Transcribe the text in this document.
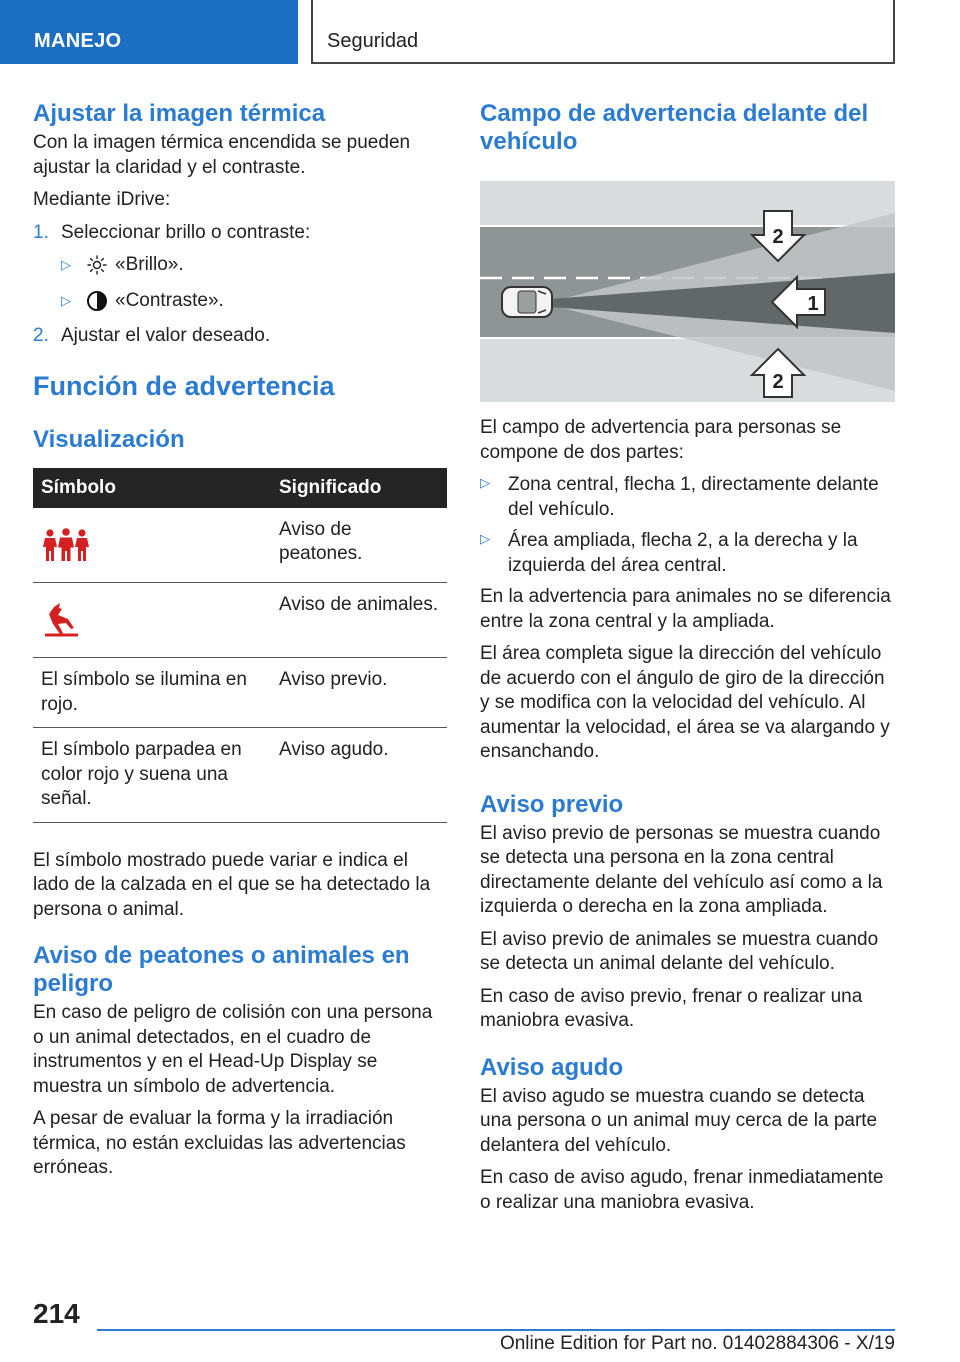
MANEJO	Seguridad
Ajustar la imagen térmica

Con la imagen térmica encendida se pueden ajustar la claridad y el contraste.

Mediante iDrive:

1. Seleccionar brillo o contraste:
▷	«Brillo».
▷	«Contraste».
2. Ajustar el valor deseado.
Función de advertencia
Visualización
Símbolo	Significado
	Aviso de peatones.
	Aviso de animales.
El símbolo se ilumina en rojo.	Aviso previo.
El símbolo parpadea en color rojo y suena una señal.	Aviso agudo.

El símbolo mostrado puede variar e indica el lado de la calzada en el que se ha detectado la persona o animal.

Aviso de peatones o animales en peligro

En caso de peligro de colisión con una persona o un animal detectados, en el cuadro de instrumentos y en el Head-Up Display se muestra un símbolo de advertencia.

A pesar de evaluar la forma y la irradiación térmica, no están excluidas las advertencias erróneas.

Campo de advertencia delante del vehículo
2
1
2

El campo de advertencia para personas se compone de dos partes:

▷ Zona central, flecha 1, directamente delante del vehículo.
▷ Área ampliada, flecha 2, a la derecha y la izquierda del área central.

En la advertencia para animales no se diferencia entre la zona central y la ampliada.

El área completa sigue la dirección del vehículo de acuerdo con el ángulo de giro de la dirección y se modifica con la velocidad del vehículo. Al aumentar la velocidad, el área se va alargando y ensanchando.

Aviso previo

El aviso previo de personas se muestra cuando se detecta una persona en la zona central directamente delante del vehículo así como a la izquierda o derecha en la zona ampliada.

El aviso previo de animales se muestra cuando se detecta un animal delante del vehículo.

En caso de aviso previo, frenar o realizar una maniobra evasiva.

Aviso agudo

El aviso agudo se muestra cuando se detecta una persona o un animal muy cerca de la parte delantera del vehículo.

En caso de aviso agudo, frenar inmediatamente o realizar una maniobra evasiva.

214
Online Edition for Part no. 01402884306 - X/19
